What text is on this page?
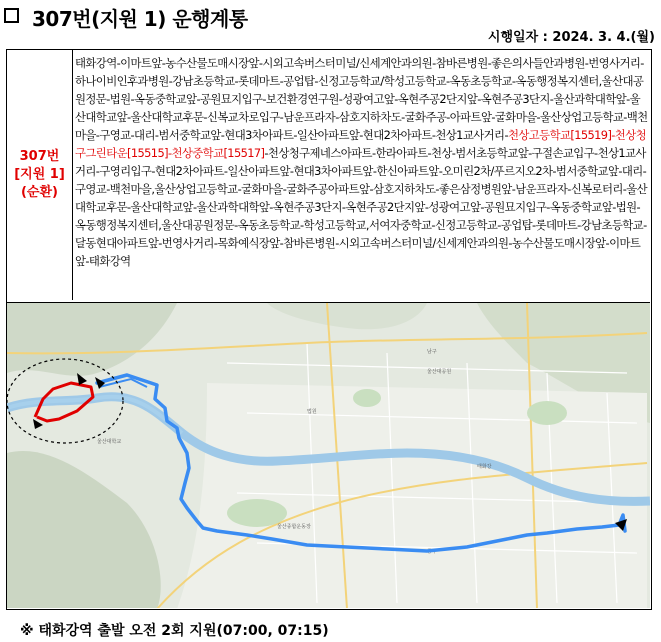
307번(지원 1) 운행계통
시행일자 : 2024. 3. 4.(월)
307번
[지원 1]
(순환)
태화강역-이마트앞-농수산물도매시장앞-시외고속버스터미널/신세계안과의원-참바른병원-좋은의사들안과병원-번영사거리-하나이비인후과병원-강남초등학교-롯데마트-공업탑-신정고등학교/학성고등학교-옥동초등학교-옥동행정복지센터,울산대공원정문-법원-옥동중학교앞-공원묘지입구-보건환경연구원-성광여고앞-옥현주공2단지앞-옥현주공3단지-울산과학대학앞-울산대학교앞-울산대학교후문-신복교차로입구-남운프라자-삼호지하차도-굴화주공-아파트앞-굴화마을-울산상업고등학교-백천마을-구영교-대리-범서중학교앞-현대3차아파트-일산아파트앞-현대2차아파트-천상1교사거리-천상고등학교[15519]-천상청구그린타운[15515]-천상중학교[15517]-천상청구제네스아파트-한라아파트-천상-범서초등학교앞-구절손교입구-천상1교사거리-구영리입구-현대2차아파트-일산아파트앞-현대3차아파트앞-한신아파트앞-오미린2차/푸르지오2차-범서중학교앞-대리-구영교-백천마을,울산상업고등학교-굴화마을-굴화주공아파트앞-삼호지하차도-좋은삼정병원앞-남운프라자-신복로터리-울산대학교후문-울산대학교앞-울산과학대학앞-옥현주공3단지-옥현주공2단지앞-성광여고앞-공원묘지입구-옥동중학교앞-법원-옥동행정복지센터,울산대공원정문-옥동초등학교-학성고등학교,서여자중학교-신정고등학교-공업탑-롯데마트-강남초등학교-달동현대아파트앞-번영사거리-목화예식장앞-참바른병원-시외고속버스터미널/신세계안과의원-농수산물도매시장앞-이마트앞-태화강역
울산대공원
울산대학교
법원
태화강
남구
중구
울산종합운동장
※ 태화강역 출발 오전 2회 지원(07:00, 07:15)
